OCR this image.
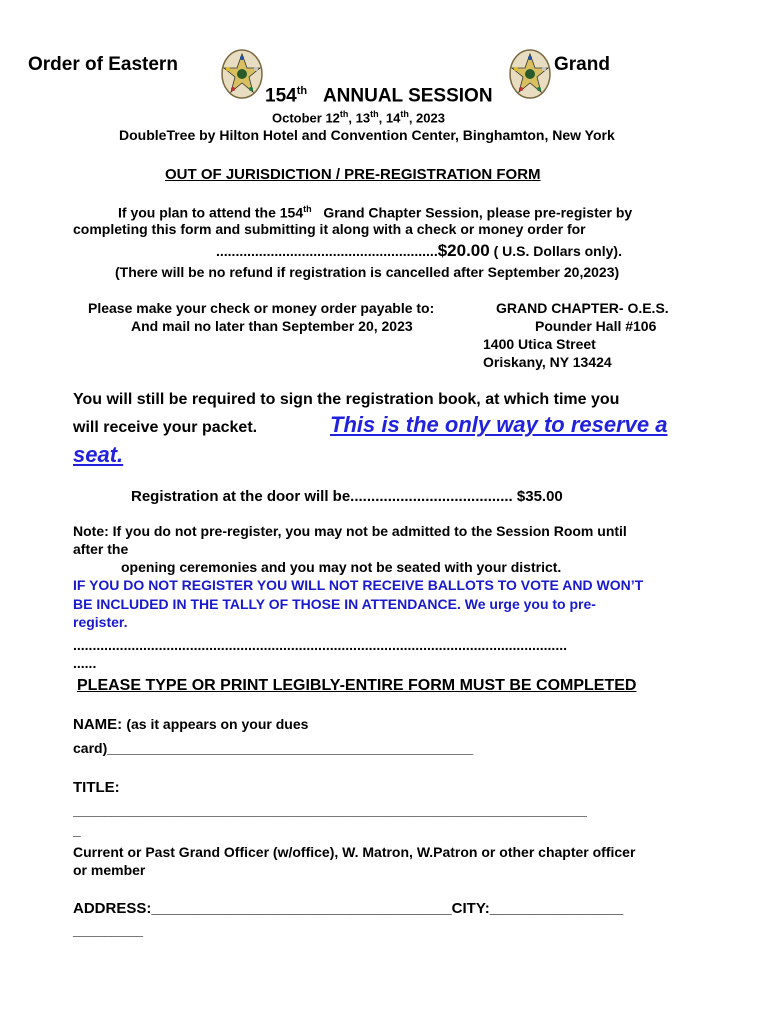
Order of Eastern	Grand
154th ANNUAL SESSION
October 12th, 13th, 14th, 2023
DoubleTree by Hilton Hotel and Convention Center, Binghamton, New York
OUT OF JURISDICTION / PRE-REGISTRATION FORM
If you plan to attend the 154th Grand Chapter Session, please pre-register by
completing this form and submitting it along with a check or money order for
.........................................................$20.00 ( U.S. Dollars only).
(There will be no refund if registration is cancelled after September 20,2023)
Please make your check or money order payable to:
And mail no later than September 20, 2023
GRAND CHAPTER- O.E.S.
Pounder Hall #106
1400 Utica Street
Oriskany, NY 13424
You will still be required to sign the registration book, at which time you
will receive your packet.	This is the only way to reserve a
seat.
Registration at the door will be....................................... $35.00
Note: If you do not pre-register, you may not be admitted to the Session Room until
after the
opening ceremonies and you may not be seated with your district.
IF YOU DO NOT REGISTER YOU WILL NOT RECEIVE BALLOTS TO VOTE AND WON’T
BE INCLUDED IN THE TALLY OF THOSE IN ATTENDANCE. We urge you to pre-
register.
...............................................................................................................................
......
PLEASE TYPE OR PRINT LEGIBLY-ENTIRE FORM MUST BE COMPLETED
NAME: (as it appears on your dues
card)_______________________________________________
TITLE:
__________________________________________________________________
_
Current or Past Grand Officer (w/office), W. Matron, W.Patron or other chapter officer
or member
ADDRESS:____________________________________CITY:________________
_________
